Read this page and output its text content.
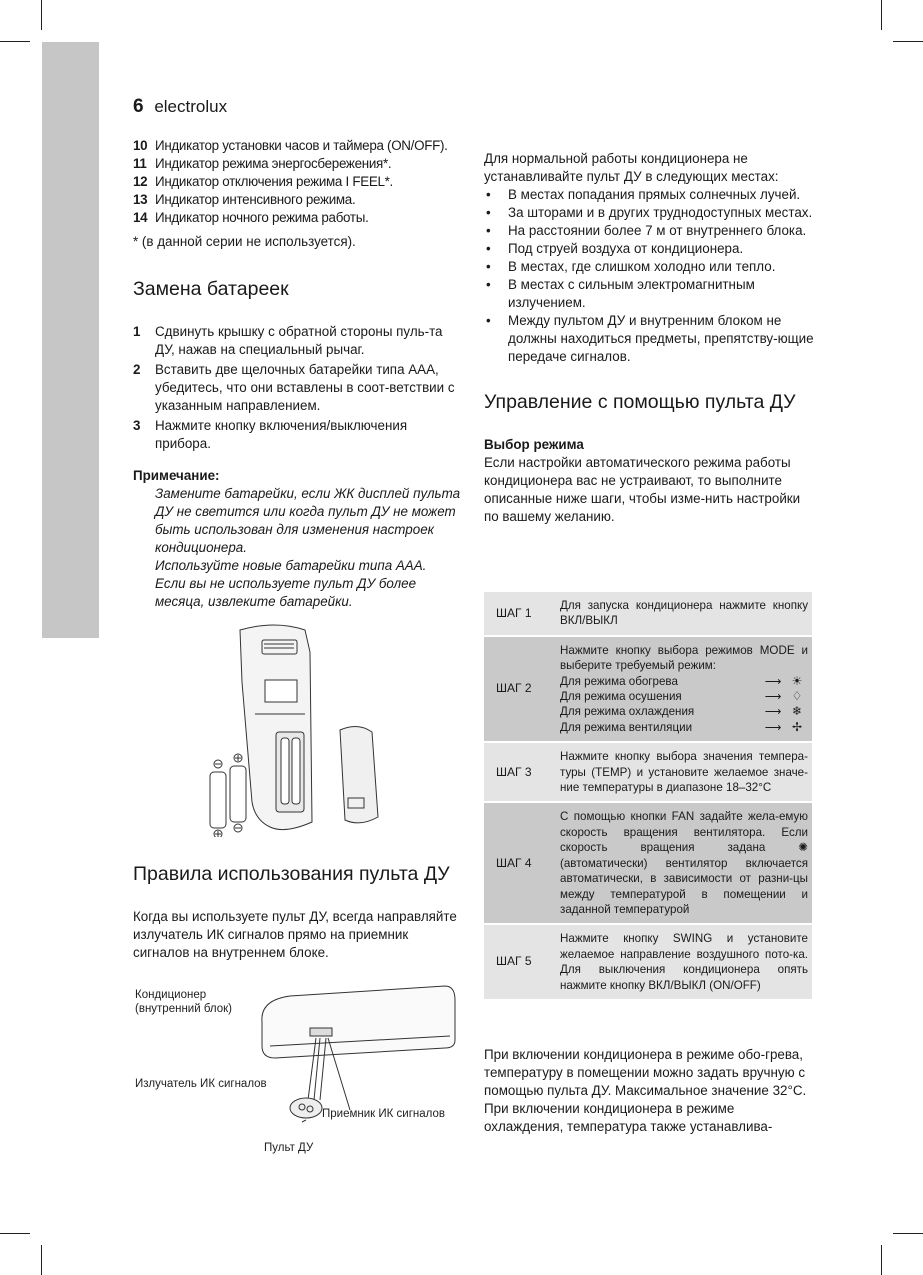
6 electrolux
10 Индикатор установки часов и таймера (ON/OFF).
11 Индикатор режима энергосбережения*.
12 Индикатор отключения режима I FEEL*.
13 Индикатор интенсивного режима.
14 Индикатор ночного режима работы.
* (в данной серии не используется).
Замена батареек
1 Сдвинуть крышку с обратной стороны пуль-та ДУ, нажав на специальный рычаг.
2 Вставить две щелочных батарейки типа ААА, убедитесь, что они вставлены в соот-ветствии с указанным направлением.
3 Нажмите кнопку включения/выключения прибора.

Примечание:

Замените батарейки, если ЖК дисплей пульта ДУ не светится или когда пульт ДУ не может быть использован для изменения настроек кондиционера.

Используйте новые батарейки типа ААА.

Если вы не используете пульт ДУ более месяца, извлеките батарейки.

Правила использования пульта ДУ
Когда вы используете пульт ДУ, всегда направляйте излучатель ИК сигналов прямо на приемник сигналов на внутреннем блоке.
Кондиционер
(внутренний блок)
Излучатель ИК сигналов
Приемник ИК сигналов
Пульт ДУ
Для нормальной работы кондиционера не устанавливайте пульт ДУ в следующих местах:
• В местах попадания прямых солнечных лучей.
• За шторами и в других труднодоступных местах.
• На расстоянии более 7 м от внутреннего блока.
• Под струей воздуха от кондиционера.
• В местах, где слишком холодно или тепло.
• В местах с сильным электромагнитным излучением.
• Между пультом ДУ и внутренним блоком не должны находиться предметы, препятству-ющие передаче сигналов.
Управление с помощью пульта ДУ

Выбор режима

Если настройки автоматического режима работы кондиционера вас не устраивают, то выполните описанные ниже шаги, чтобы изме-нить настройки по вашему желанию.
ШАГ 1
Для запуска кондиционера нажмите кнопку ВКЛ/ВЫКЛ
ШАГ 2
Нажмите кнопку выбора режимов MODE и выберите требуемый режим:
Для режима обогрева	⟶	☀
Для режима осушения	⟶	♢
Для режима охлаждения	⟶	❄
Для режима вентиляции	⟶	✢
ШАГ 3
Нажмите кнопку выбора значения темпера-туры (TEMP) и установите желаемое значе-ние температуры в диапазоне 18–32°C
ШАГ 4
С помощью кнопки FAN задайте жела-емую скорость вращения вентилятора. Если скорость вращения задана ✺ (автоматически) вентилятор включается автоматически, в зависимости от разни-цы между температурой в помещении и заданной температурой
ШАГ 5
Нажмите кнопку SWING и установите желаемое направление воздушного пото-ка. Для выключения кондиционера опять нажмите кнопку ВКЛ/ВЫКЛ (ON/OFF)

При включении кондиционера в режиме обо-грева, температуру в помещении можно задать вручную с помощью пульта ДУ. Максимальное значение 32°С.

При включении кондиционера в режиме охлаждения, температура также устанавлива-
